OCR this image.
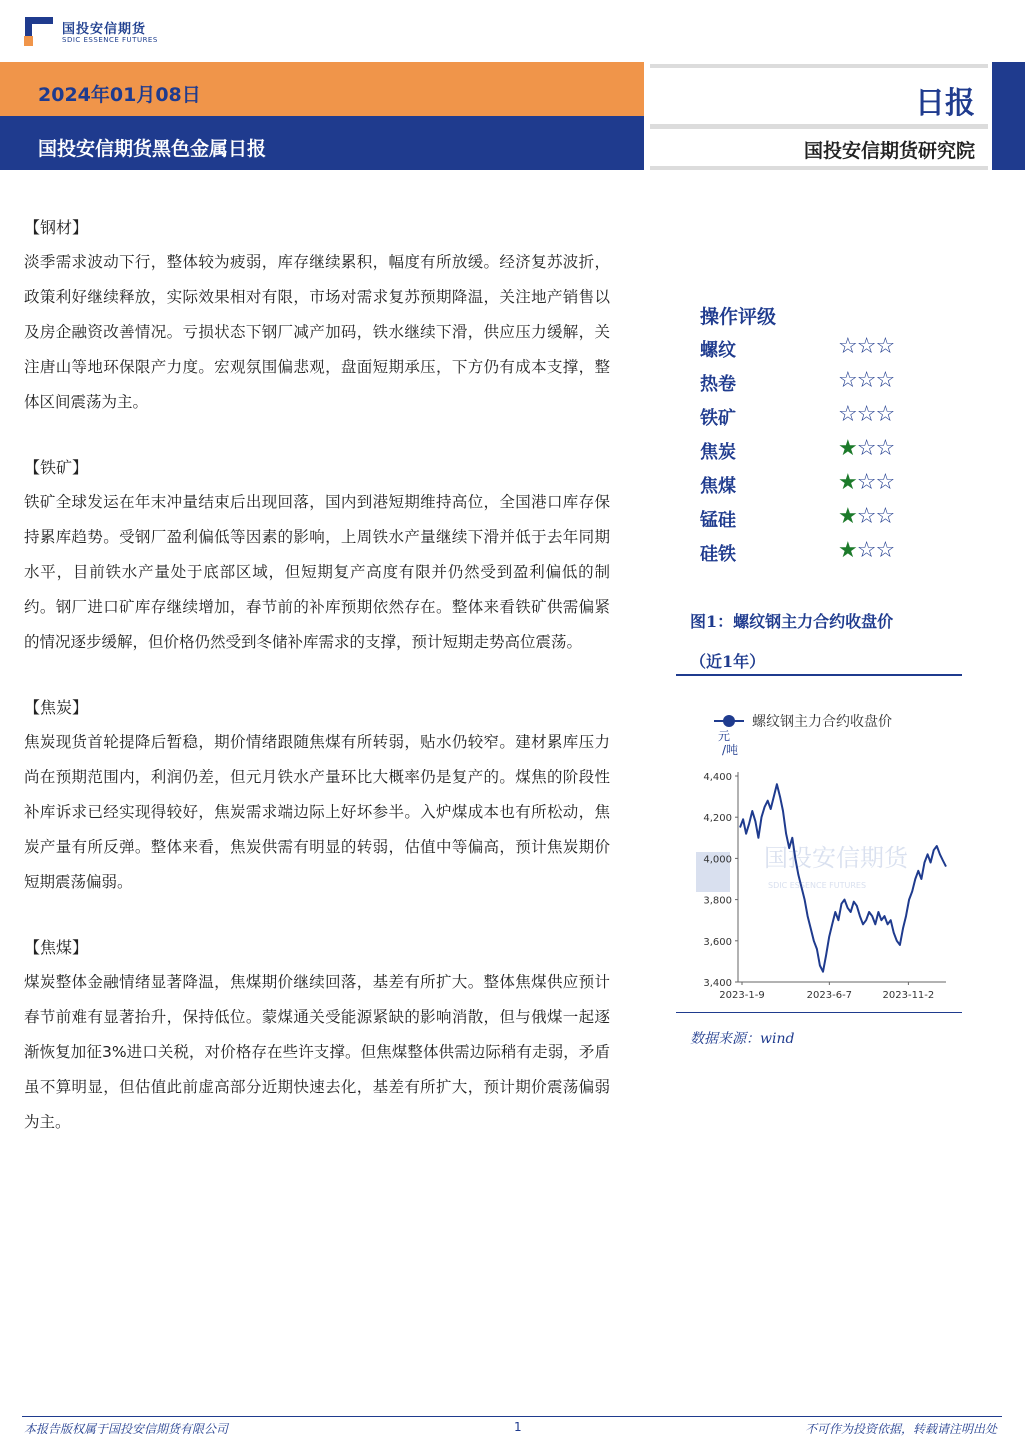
国投安信期货
SDIC ESSENCE FUTURES
2024年01月08日
国投安信期货黑色金属日报
日报
国投安信期货研究院
【钢材】
淡季需求波动下行，整体较为疲弱，库存继续累积，幅度有所放缓。经济复苏波折，政策利好继续释放，实际效果相对有限，市场对需求复苏预期降温，关注地产销售以及房企融资改善情况。亏损状态下钢厂减产加码，铁水继续下滑，供应压力缓解，关注唐山等地环保限产力度。宏观氛围偏悲观，盘面短期承压，下方仍有成本支撑，整体区间震荡为主。
【铁矿】
铁矿全球发运在年末冲量结束后出现回落，国内到港短期维持高位，全国港口库存保持累库趋势。受钢厂盈利偏低等因素的影响，上周铁水产量继续下滑并低于去年同期水平，目前铁水产量处于底部区域，但短期复产高度有限并仍然受到盈利偏低的制约。钢厂进口矿库存继续增加，春节前的补库预期依然存在。整体来看铁矿供需偏紧的情况逐步缓解，但价格仍然受到冬储补库需求的支撑，预计短期走势高位震荡。
【焦炭】
焦炭现货首轮提降后暂稳，期价情绪跟随焦煤有所转弱，贴水仍较窄。建材累库压力尚在预期范围内，利润仍差，但元月铁水产量环比大概率仍是复产的。煤焦的阶段性补库诉求已经实现得较好，焦炭需求端边际上好坏参半。入炉煤成本也有所松动，焦炭产量有所反弹。整体来看，焦炭供需有明显的转弱，估值中等偏高，预计焦炭期价短期震荡偏弱。
【焦煤】
煤炭整体金融情绪显著降温，焦煤期价继续回落，基差有所扩大。整体焦煤供应预计春节前难有显著抬升，保持低位。蒙煤通关受能源紧缺的影响消散，但与俄煤一起逐渐恢复加征3%进口关税，对价格存在些许支撑。但焦煤整体供需边际稍有走弱，矛盾虽不算明显，但估值此前虚高部分近期快速去化，基差有所扩大，预计期价震荡偏弱为主。
操作评级
螺纹	☆☆☆
热卷	☆☆☆
铁矿	☆☆☆
焦炭	★☆☆
焦煤	★☆☆
锰硅	★☆☆
硅铁	★☆☆
图1：螺纹钢主力合约收盘价
（近1年）
国投安信期货
SDIC ESSENCE FUTURES
螺纹钢主力合约收盘价
元
/吨
3,400
3,600
3,800
4,000
4,200
4,400
2023-1-9	2023-6-7	2023-11-2
数据来源：wind
本报告版权属于国投安信期货有限公司	1	不可作为投资依据，转载请注明出处
